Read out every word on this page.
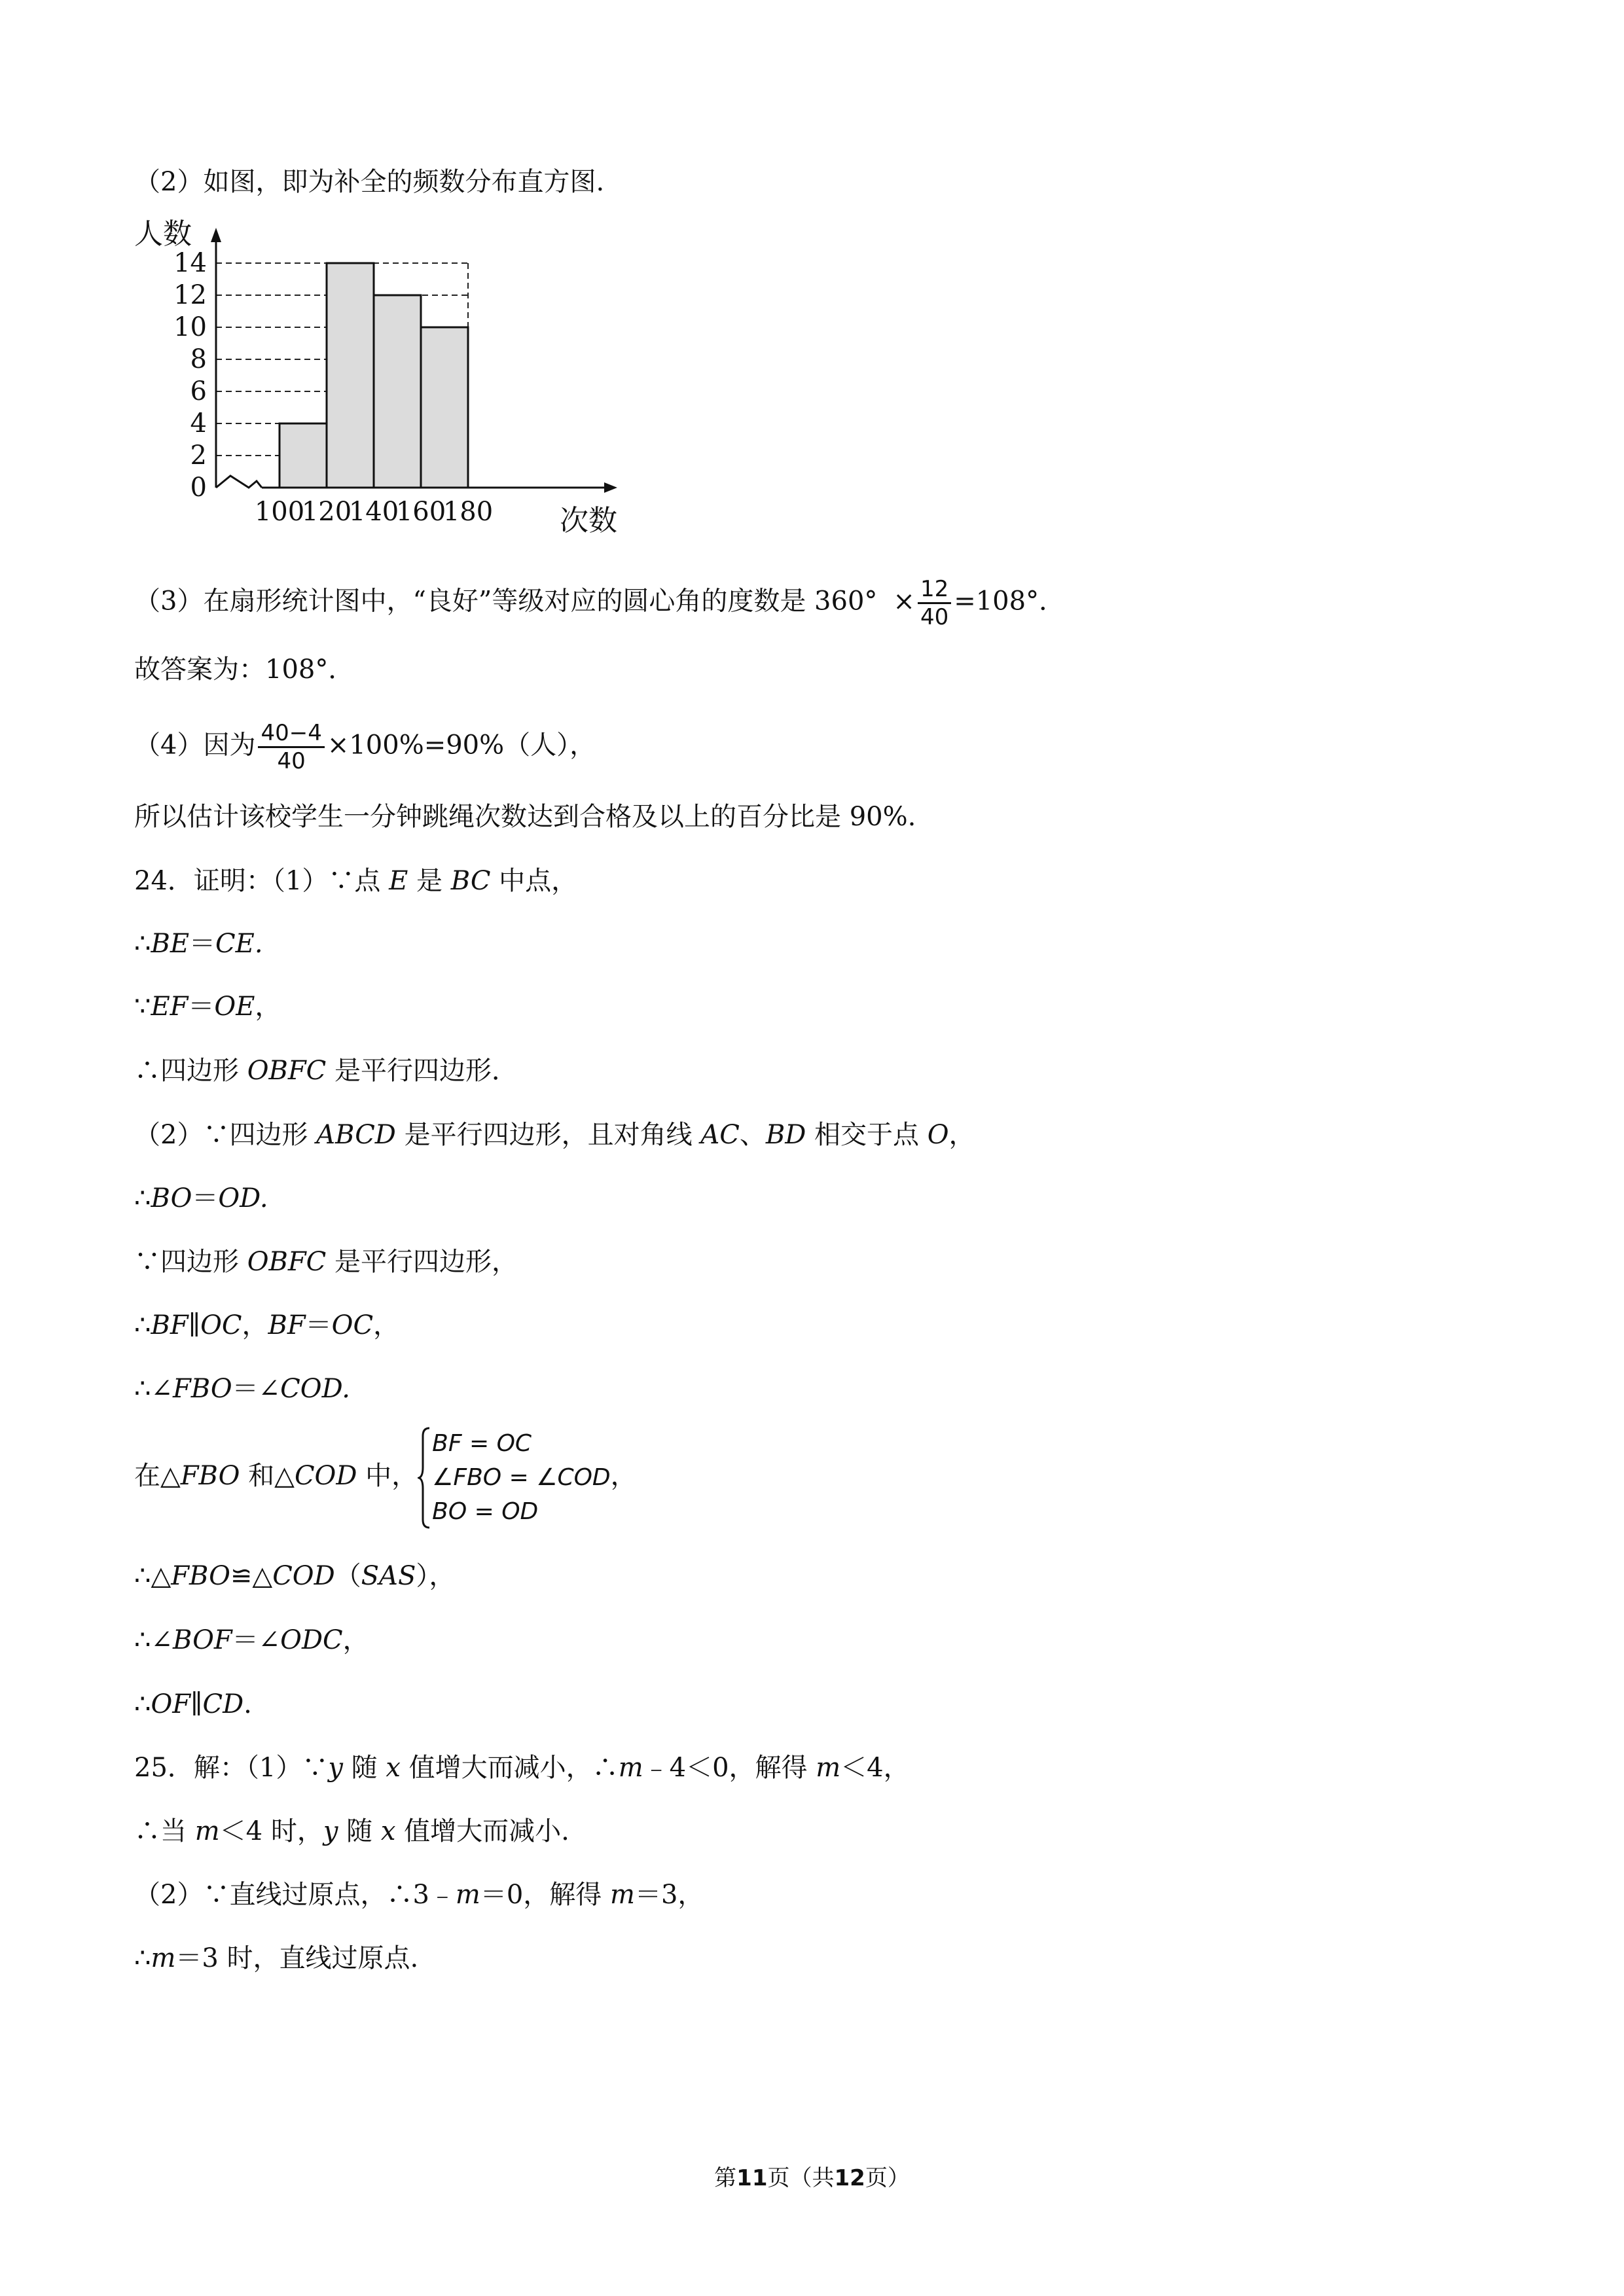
（2）如图，即为补全的频数分布直方图.
0
2
4
6
8
10
12
14
100
120
140
160
180
人数
次数
（3）在扇形统计图中，“良好”等级对应的圆心角的度数是 $360^\circ \times \frac{12}{40} =108^\circ$．
故答案为：108°．
（4）因为 $\frac{40-4}{40} \times 100\%=90\%$（人），
所以估计该校学生一分钟跳绳次数达到合格及以上的百分比是 90%.
24．证明：（1）∵点 E 是 BC 中点，
∴BE＝CE.
∵EF＝OE，
∴四边形 OBFC 是平行四边形．
（2）∵四边形 ABCD 是平行四边形，且对角线 AC、BD 相交于点 O，
∴BO＝OD.
∵四边形 OBFC 是平行四边形，
∴BF∥OC，BF＝OC，
∴∠FBO＝∠COD.
在△FBO 和△COD 中，
BF = OC
∠FBO = ∠COD
BO = OD
，
∴△FBO≌△COD（SAS），
∴∠BOF＝∠ODC，
∴OF∥CD.
25．解：（1）∵y 随 x 值增大而减小，∴m﹣4＜0，解得 m＜4，
∴当 m＜4 时，y 随 x 值增大而减小.
（2）∵直线过原点，∴3﹣m＝0，解得 m＝3，
∴m＝3 时，直线过原点.
第11页（共12页）
